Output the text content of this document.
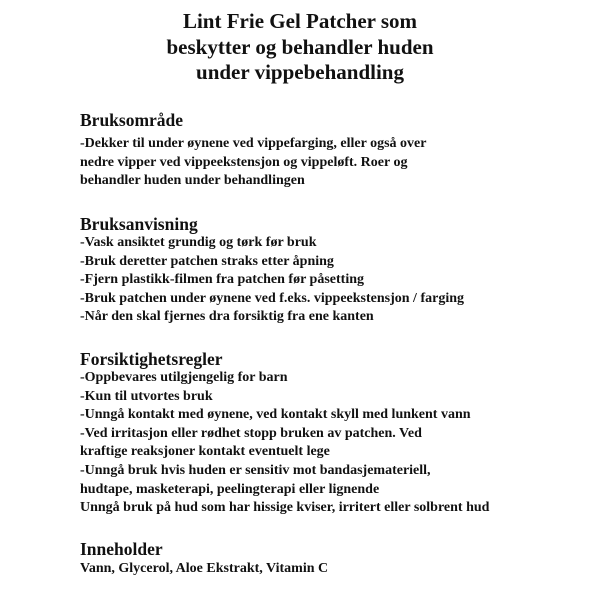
Lint Frie Gel Patcher som
beskytter og behandler huden
under vippebehandling
Bruksområde
-Dekker til under øynene ved vippefarging, eller også over
nedre vipper ved vippeekstensjon og vippeløft. Roer og
behandler huden under behandlingen
Bruksanvisning
-Vask ansiktet grundig og tørk før bruk
-Bruk deretter patchen straks etter åpning
-Fjern plastikk-filmen fra patchen før påsetting
-Bruk patchen under øynene ved f.eks. vippeekstensjon / farging
-Når den skal fjernes dra forsiktig fra ene kanten
Forsiktighetsregler
-Oppbevares utilgjengelig for barn
-Kun til utvortes bruk
-Unngå kontakt med øynene, ved kontakt skyll med lunkent vann
-Ved irritasjon eller rødhet stopp bruken av patchen. Ved
kraftige reaksjoner kontakt eventuelt lege
-Unngå bruk hvis huden er sensitiv mot bandasjemateriell,
hudtape, masketerapi, peelingterapi eller lignende
Unngå bruk på hud som har hissige kviser, irritert eller solbrent hud
Inneholder
Vann, Glycerol, Aloe Ekstrakt, Vitamin C
